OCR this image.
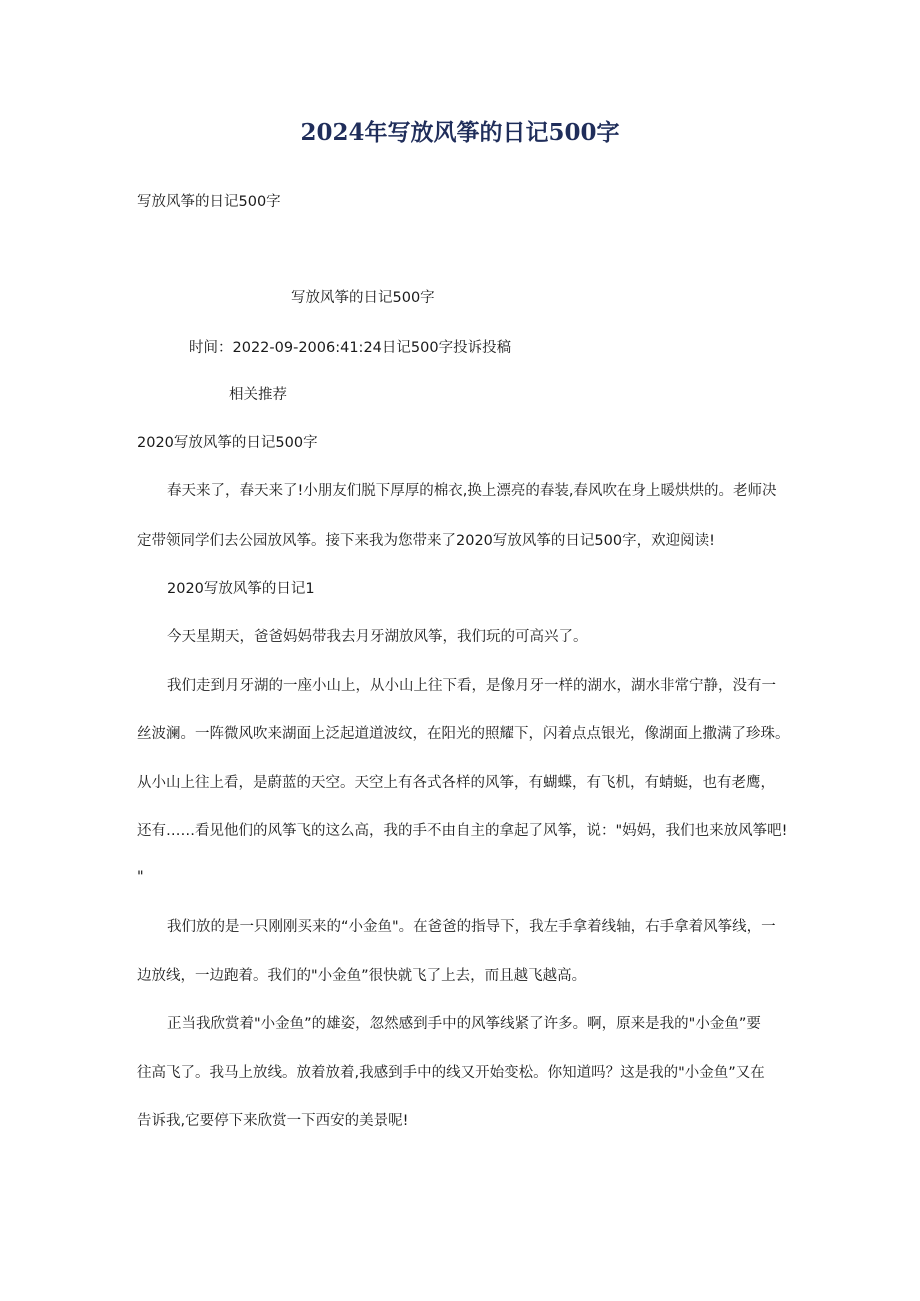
2024年写放风筝的日记500字

写放风筝的日记500字

写放风筝的日记500字

时间：2022-09-2006:41:24日记500字投诉投稿

相关推荐

2020写放风筝的日记500字

春天来了，春天来了!小朋友们脱下厚厚的棉衣,换上漂亮的春装,春风吹在身上暖烘烘的。老师决

定带领同学们去公园放风筝。接下来我为您带来了2020写放风筝的日记500字，欢迎阅读!

2020写放风筝的日记1

今天星期天，爸爸妈妈带我去月牙湖放风筝，我们玩的可高兴了。

我们走到月牙湖的一座小山上，从小山上往下看，是像月牙一样的湖水，湖水非常宁静，没有一

丝波澜。一阵微风吹来湖面上泛起道道波纹，在阳光的照耀下，闪着点点银光，像湖面上撒满了珍珠。

从小山上往上看，是蔚蓝的天空。天空上有各式各样的风筝，有蝴蝶，有飞机，有蜻蜓，也有老鹰，

还有……看见他们的风筝飞的这么高，我的手不由自主的拿起了风筝，说："妈妈，我们也来放风筝吧!

"

我们放的是一只刚刚买来的“小金鱼"。在爸爸的指导下，我左手拿着线轴，右手拿着风筝线，一

边放线，一边跑着。我们的"小金鱼”很快就飞了上去，而且越飞越高。

正当我欣赏着"小金鱼”的雄姿，忽然感到手中的风筝线紧了许多。啊，原来是我的"小金鱼”要

往高飞了。我马上放线。放着放着,我感到手中的线又开始变松。你知道吗？这是我的"小金鱼”又在

告诉我,它要停下来欣赏一下西安的美景呢!
